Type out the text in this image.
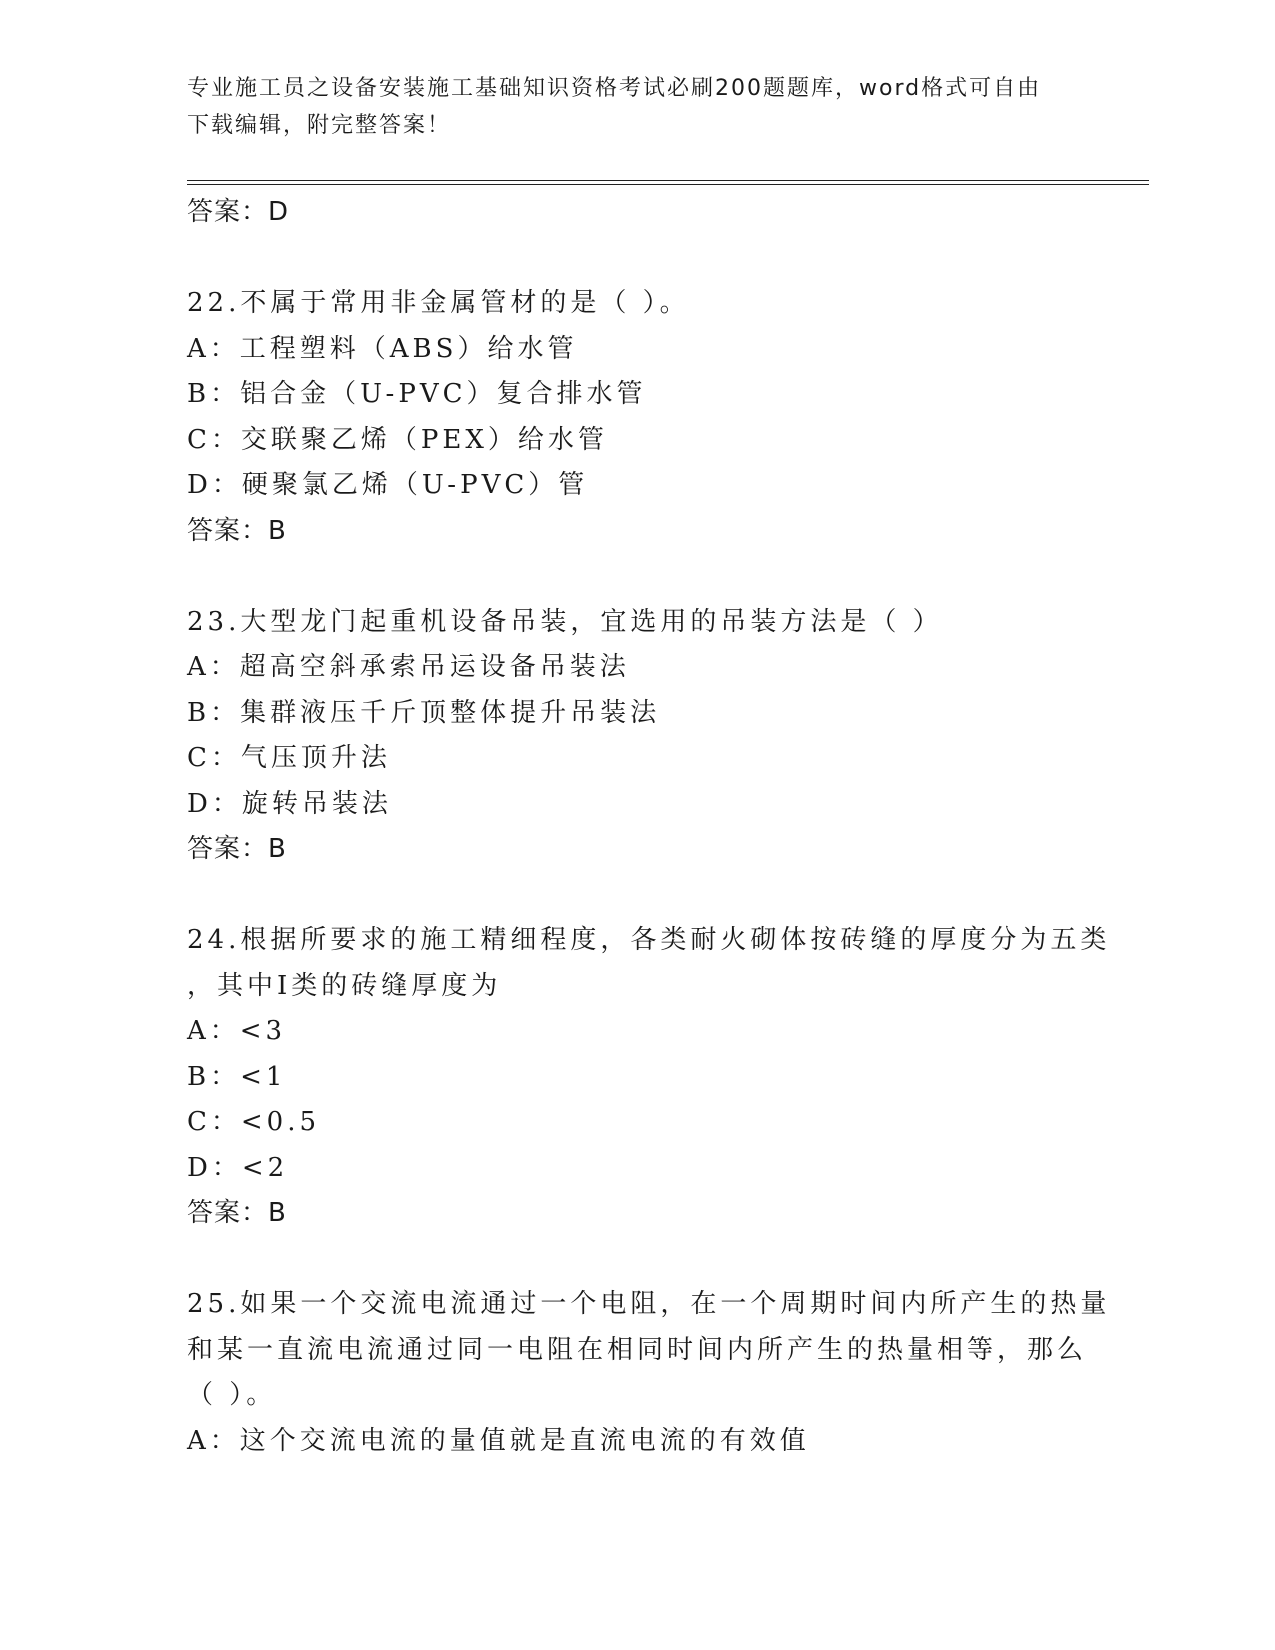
专业施工员之设备安装施工基础知识资格考试必刷200题题库，word格式可自由
下载编辑，附完整答案！

答案：D

22.不属于常用非金属管材的是（ ）。

A：工程塑料（ABS）给水管

B：铝合金（U-PVC）复合排水管

C：交联聚乙烯（PEX）给水管

D：硬聚氯乙烯（U-PVC）管

答案：B

23.大型龙门起重机设备吊装，宜选用的吊装方法是（ ）

A：超高空斜承索吊运设备吊装法

B：集群液压千斤顶整体提升吊装法

C：气压顶升法

D：旋转吊装法

答案：B

24.根据所要求的施工精细程度，各类耐火砌体按砖缝的厚度分为五类

，其中Ⅰ类的砖缝厚度为

A：<3

B：<1

C：<0.5

D：<2

答案：B

25.如果一个交流电流通过一个电阻，在一个周期时间内所产生的热量

和某一直流电流通过同一电阻在相同时间内所产生的热量相等，那么

（ ）。

A：这个交流电流的量值就是直流电流的有效值
